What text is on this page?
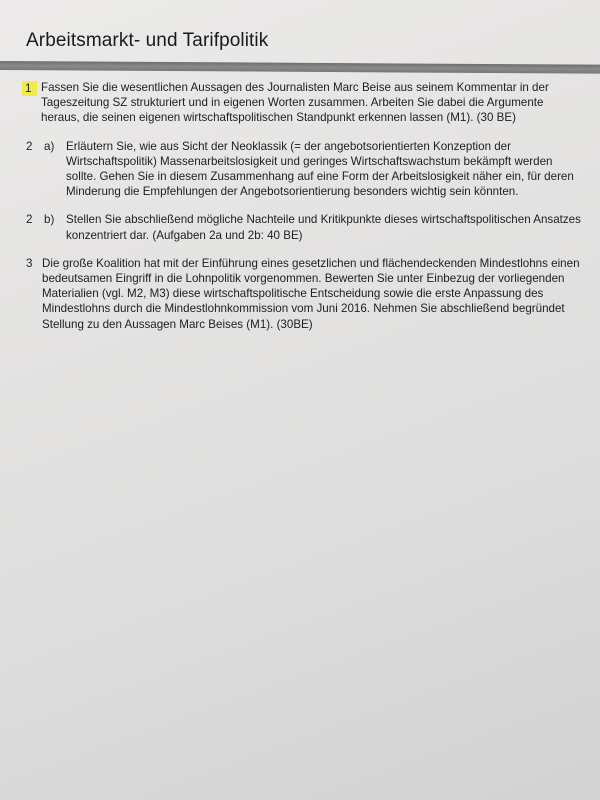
Arbeitsmarkt- und Tarifpolitik
1 Fassen Sie die wesentlichen Aussagen des Journalisten Marc Beise aus seinem Kommentar in der Tageszeitung SZ strukturiert und in eigenen Worten zusammen. Arbeiten Sie dabei die Argumente heraus, die seinen eigenen wirtschaftspolitischen Standpunkt erkennen lassen (M1). (30 BE)
2 a)	Erläutern Sie, wie aus Sicht der Neoklassik (= der angebotsorientierten Konzeption der Wirtschaftspolitik) Massenarbeitslosigkeit und geringes Wirtschaftswachstum bekämpft werden sollte. Gehen Sie in diesem Zusammenhang auf eine Form der Arbeitslosigkeit näher ein, für deren Minderung die Empfehlungen der Angebotsorientierung besonders wichtig sein könnten.
2 b)	Stellen Sie abschließend mögliche Nachteile und Kritikpunkte dieses wirtschaftspolitischen Ansatzes konzentriert dar. (Aufgaben 2a und 2b: 40 BE)
3 Die große Koalition hat mit der Einführung eines gesetzlichen und flächendeckenden Mindestlohns einen bedeutsamen Eingriff in die Lohnpolitik vorgenommen. Bewerten Sie unter Einbezug der vorliegenden Materialien (vgl. M2, M3) diese wirtschaftspolitische Entscheidung sowie die erste Anpassung des Mindestlohns durch die Mindestlohnkommission vom Juni 2016. Nehmen Sie abschließend begründet Stellung zu den Aussagen Marc Beises (M1). (30BE)
